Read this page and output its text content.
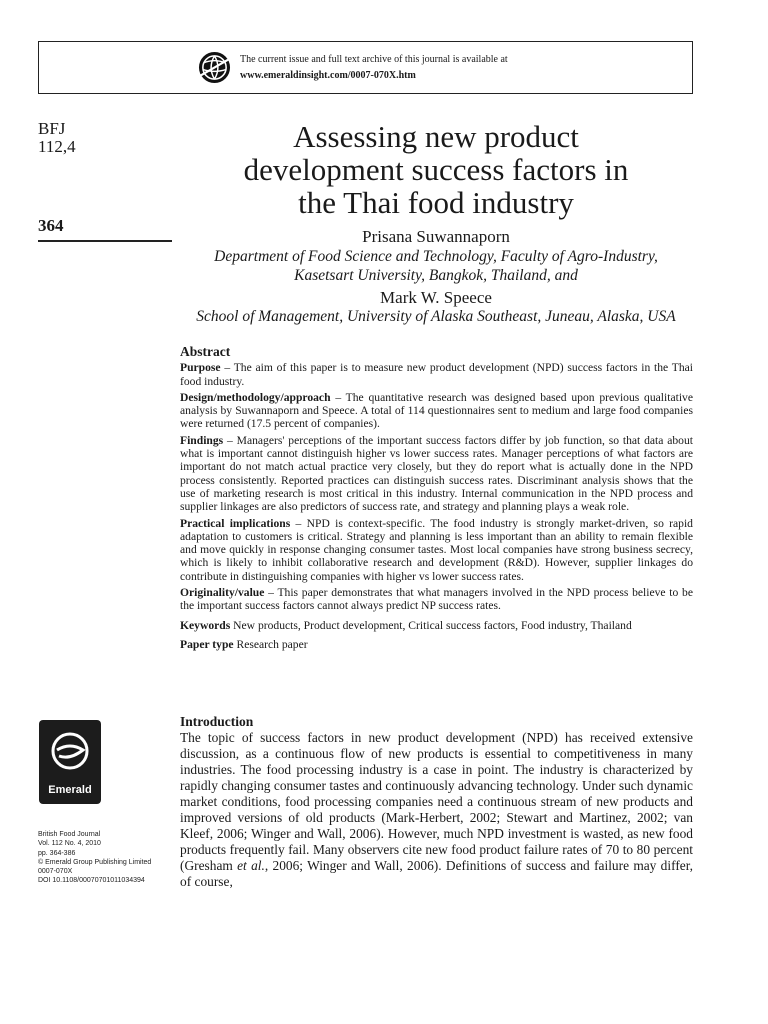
The current issue and full text archive of this journal is available at
www.emeraldinsight.com/0007-070X.htm
BFJ
112,4
364
Assessing new product
development success factors in
the Thai food industry
Prisana Suwannaporn
Department of Food Science and Technology, Faculty of Agro-Industry,
Kasetsart University, Bangkok, Thailand, and
Mark W. Speece
School of Management, University of Alaska Southeast, Juneau, Alaska, USA
Abstract
Purpose – The aim of this paper is to measure new product development (NPD) success factors in the Thai food industry.
Design/methodology/approach – The quantitative research was designed based upon previous qualitative analysis by Suwannaporn and Speece. A total of 114 questionnaires sent to medium and large food companies were returned (17.5 percent of companies).
Findings – Managers' perceptions of the important success factors differ by job function, so that data about what is important cannot distinguish higher vs lower success rates. Manager perceptions of what factors are important do not match actual practice very closely, but they do report what is actually done in the NPD process consistently. Reported practices can distinguish success rates. Discriminant analysis shows that the use of marketing research is most critical in this industry. Internal communication in the NPD process and supplier linkages are also predictors of success rate, and strategy and planning plays a weak role.
Practical implications – NPD is context-specific. The food industry is strongly market-driven, so rapid adaptation to customers is critical. Strategy and planning is less important than an ability to remain flexible and move quickly in response changing consumer tastes. Most local companies have strong business secrecy, which is likely to inhibit collaborative research and development (R&D). However, supplier linkages do contribute in distinguishing companies with higher vs lower success rates.
Originality/value – This paper demonstrates that what managers involved in the NPD process believe to be the important success factors cannot always predict NP success rates.
Keywords New products, Product development, Critical success factors, Food industry, Thailand
Paper type Research paper
Introduction

The topic of success factors in new product development (NPD) has received extensive discussion, as a continuous flow of new products is essential to competitiveness in many industries. The food processing industry is a case in point. The industry is characterized by rapidly changing consumer tastes and continuously advancing technology. Under such dynamic market conditions, food processing companies need a continuous stream of new products and improved versions of old products (Mark-Herbert, 2002; Stewart and Martinez, 2002; van Kleef, 2006; Winger and Wall, 2006). However, much NPD investment is wasted, as new food products frequently fail. Many observers cite new food product failure rates of 70 to 80 percent (Gresham et al., 2006; Winger and Wall, 2006). Definitions of success and failure may differ, of course,

Emerald
British Food Journal
Vol. 112 No. 4, 2010
pp. 364-386
© Emerald Group Publishing Limited
0007-070X
DOI 10.1108/00070701011034394
